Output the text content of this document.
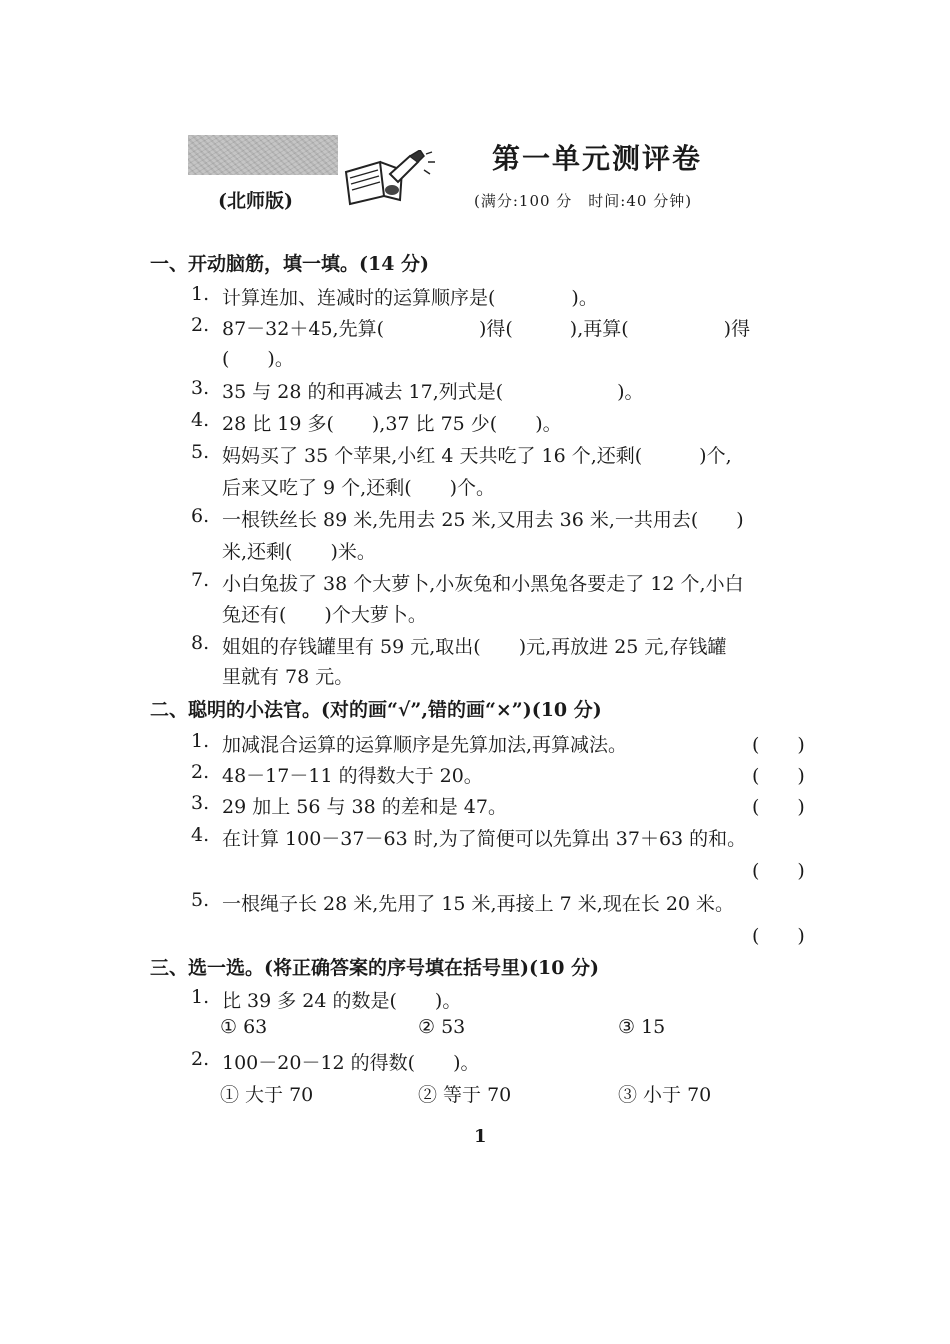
(北师版)
第一单元测评卷
(满分:100 分　时间:40 分钟)
一、开动脑筋，填一填。(14 分)
1. 计算连加、连减时的运算顺序是(　　　　)。
2. 87－32＋45,先算(　　　　　)得(　　　),再算(　　　　　)得
(　　)。
3. 35 与 28 的和再减去 17,列式是(　　　　　　)。
4. 28 比 19 多(　　),37 比 75 少(　　)。
5. 妈妈买了 35 个苹果,小红 4 天共吃了 16 个,还剩(　　　)个,
后来又吃了 9 个,还剩(　　)个。
6. 一根铁丝长 89 米,先用去 25 米,又用去 36 米,一共用去(　　)
米,还剩(　　)米。
7. 小白兔拔了 38 个大萝卜,小灰兔和小黑兔各要走了 12 个,小白
兔还有(　　)个大萝卜。
8. 姐姐的存钱罐里有 59 元,取出(　　)元,再放进 25 元,存钱罐
里就有 78 元。
二、聪明的小法官。(对的画“√”,错的画“×”)(10 分)
1. 加减混合运算的运算顺序是先算加法,再算减法。	(　　)
2. 48－17－11 的得数大于 20。	(　　)
3. 29 加上 56 与 38 的差和是 47。	(　　)
4. 在计算 100－37－63 时,为了简便可以先算出 37＋63 的和。
(　　)
5. 一根绳子长 28 米,先用了 15 米,再接上 7 米,现在长 20 米。
(　　)
三、选一选。(将正确答案的序号填在括号里)(10 分)
1. 比 39 多 24 的数是(　　)。
① 63	② 53	③ 15
2. 100－20－12 的得数(　　)。
① 大于 70	② 等于 70	③ 小于 70
1
